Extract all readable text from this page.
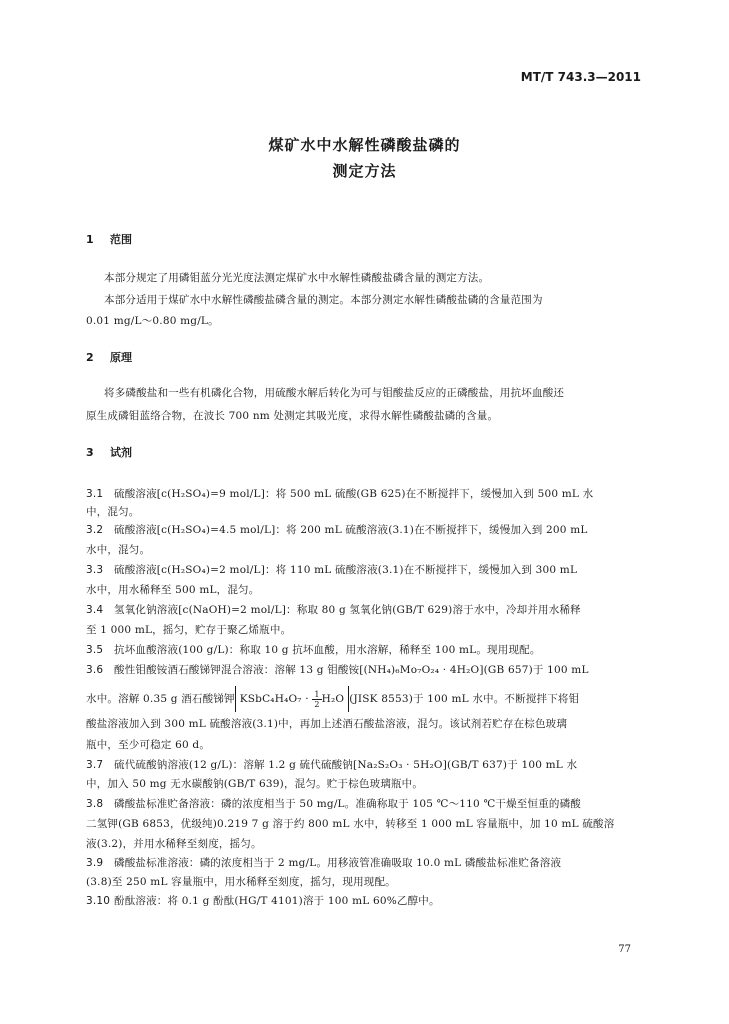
MT/T 743.3—2011
煤矿水中水解性磷酸盐磷的
测定方法
1 范围
本部分规定了用磷钼蓝分光光度法测定煤矿水中水解性磷酸盐磷含量的测定方法。
本部分适用于煤矿水中水解性磷酸盐磷含量的测定。本部分测定水解性磷酸盐磷的含量范围为
0.01 mg/L～0.80 mg/L。
2 原理
将多磷酸盐和一些有机磷化合物，用硫酸水解后转化为可与钼酸盐反应的正磷酸盐，用抗坏血酸还
原生成磷钼蓝络合物，在波长 700 nm 处测定其吸光度，求得水解性磷酸盐磷的含量。
3 试剂
3.1 硫酸溶液[c(H₂SO₄)=9 mol/L]：将 500 mL 硫酸(GB 625)在不断搅拌下，缓慢加入到 500 mL 水
中，混匀。
3.2 硫酸溶液[c(H₂SO₄)=4.5 mol/L]：将 200 mL 硫酸溶液(3.1)在不断搅拌下，缓慢加入到 200 mL
水中，混匀。
3.3 硫酸溶液[c(H₂SO₄)=2 mol/L]：将 110 mL 硫酸溶液(3.1)在不断搅拌下，缓慢加入到 300 mL
水中，用水稀释至 500 mL，混匀。
3.4 氢氧化钠溶液[c(NaOH)=2 mol/L]：称取 80 g 氢氧化钠(GB/T 629)溶于水中，冷却并用水稀释
至 1 000 mL，摇匀，贮存于聚乙烯瓶中。
3.5 抗坏血酸溶液(100 g/L)：称取 10 g 抗坏血酸，用水溶解，稀释至 100 mL。现用现配。
3.6 酸性钼酸铵酒石酸锑钾混合溶液：溶解 13 g 钼酸铵[(NH₄)₆Mo₇O₂₄ · 4H₂O](GB 657)于 100 mL
水中。溶解 0.35 g 酒石酸锑钾 KSbC₄H₄O₇ · $\frac{1}{2}H_2O$ (JISK 8553)于 100 mL 水中。不断搅拌下将钼
酸盐溶液加入到 300 mL 硫酸溶液(3.1)中，再加上述酒石酸盐溶液，混匀。该试剂若贮存在棕色玻璃
瓶中，至少可稳定 60 d。
3.7 硫代硫酸钠溶液(12 g/L)：溶解 1.2 g 硫代硫酸钠[Na₂S₂O₃ · 5H₂O](GB/T 637)于 100 mL 水
中，加入 50 mg 无水碳酸钠(GB/T 639)，混匀。贮于棕色玻璃瓶中。
3.8 磷酸盐标准贮备溶液：磷的浓度相当于 50 mg/L。准确称取于 105 ℃～110 ℃干燥至恒重的磷酸
二氢钾(GB 6853，优级纯)0.219 7 g 溶于约 800 mL 水中，转移至 1 000 mL 容量瓶中，加 10 mL 硫酸溶
液(3.2)，并用水稀释至刻度，摇匀。
3.9 磷酸盐标准溶液：磷的浓度相当于 2 mg/L。用移液管准确吸取 10.0 mL 磷酸盐标准贮备溶液
(3.8)至 250 mL 容量瓶中，用水稀释至刻度，摇匀，现用现配。
3.10 酚酞溶液：将 0.1 g 酚酞(HG/T 4101)溶于 100 mL 60%乙醇中。
77
